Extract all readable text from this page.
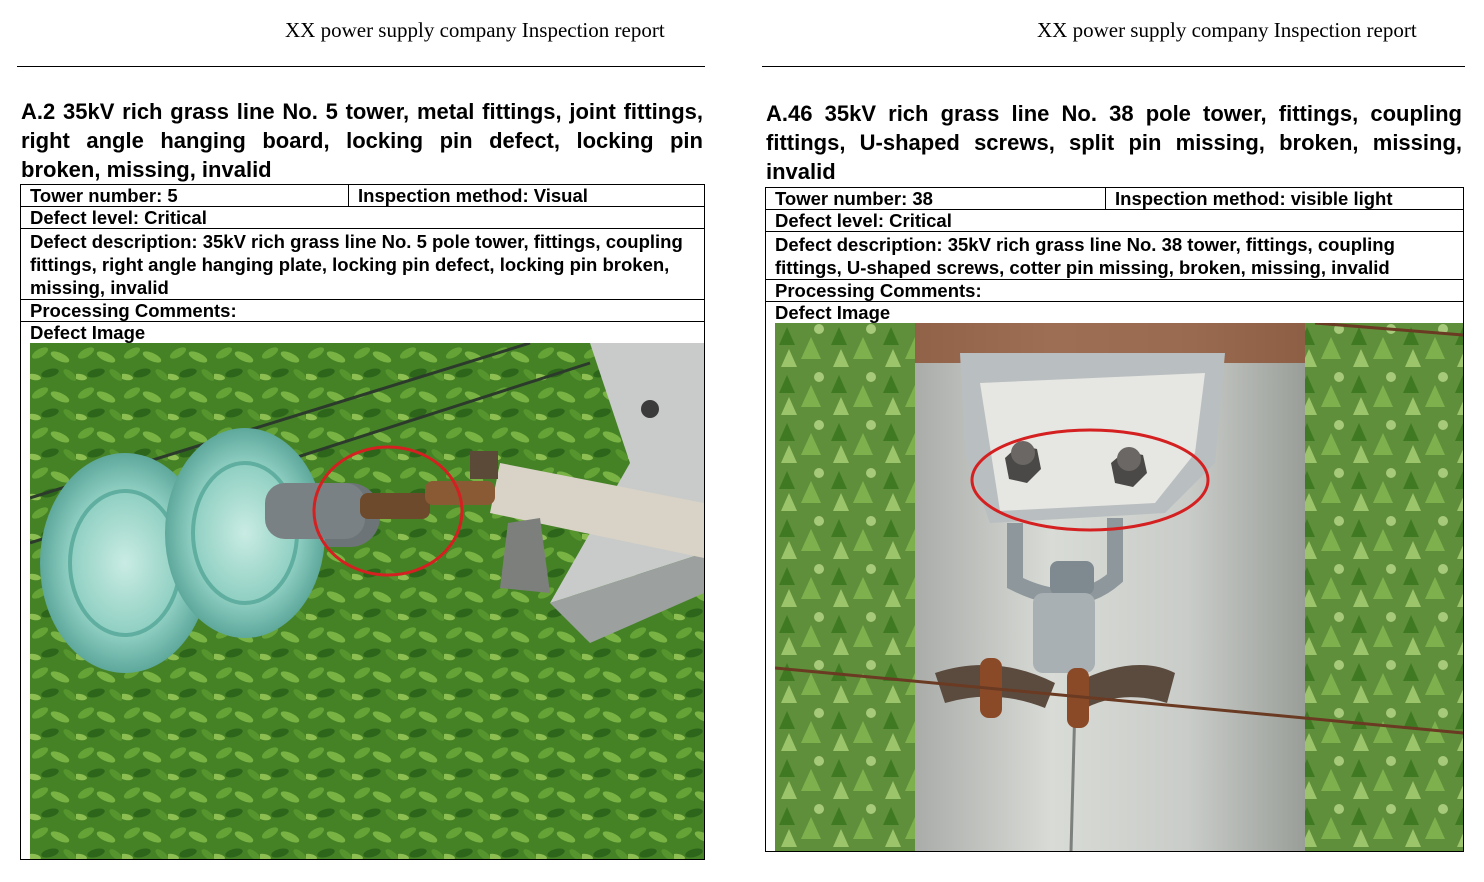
XX power supply company Inspection report
A.2 35kV rich grass line No. 5 tower, metal fittings, joint fittings, right angle hanging board, locking pin defect, locking pin broken, missing, invalid
Tower number: 5	Inspection method: Visual
Defect level: Critical
Defect description: 35kV rich grass line No. 5 pole tower, fittings, coupling fittings, right angle hanging plate, locking pin defect, locking pin broken, missing, invalid
Processing Comments:
Defect Image

XX power supply company Inspection report
A.46 35kV rich grass line No. 38 pole tower, fittings, coupling fittings, U-shaped screws, split pin missing, broken, missing, invalid
Tower number: 38	Inspection method: visible light
Defect level: Critical
Defect description: 35kV rich grass line No. 38 tower, fittings, coupling fittings, U-shaped screws, cotter pin missing, broken, missing, invalid
Processing Comments:
Defect Image
